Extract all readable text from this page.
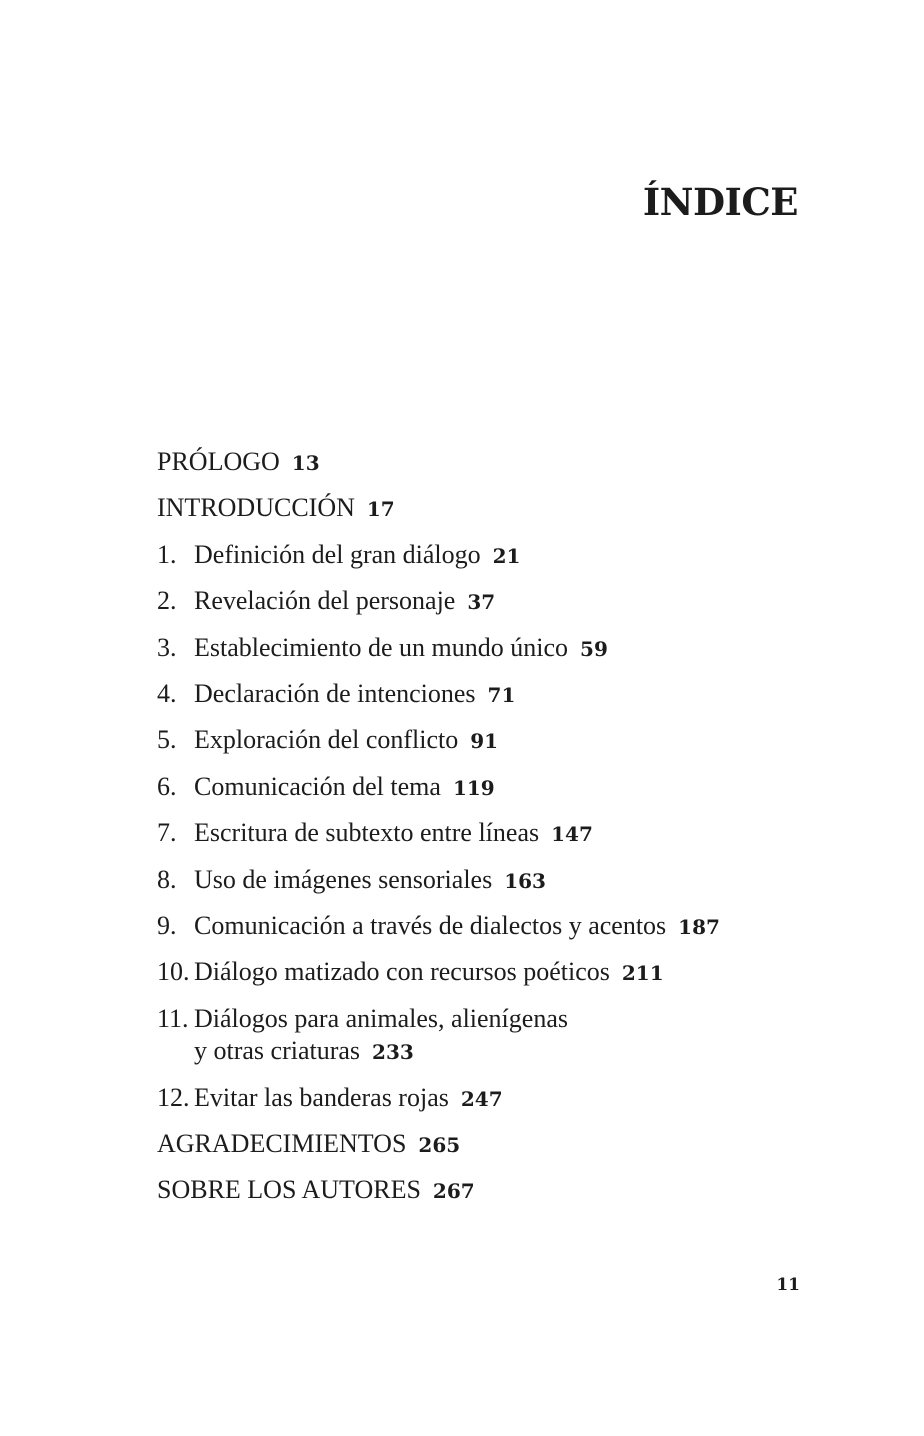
ÍNDICE
PRÓLOGO 13
INTRODUCCIÓN 17
1. Definición del gran diálogo 21
2. Revelación del personaje 37
3. Establecimiento de un mundo único 59
4. Declaración de intenciones 71
5. Exploración del conflicto 91
6. Comunicación del tema 119
7. Escritura de subtexto entre líneas 147
8. Uso de imágenes sensoriales 163
9. Comunicación a través de dialectos y acentos 187
10. Diálogo matizado con recursos poéticos 211
11. Diálogos para animales, alienígenas
y otras criaturas 233
12. Evitar las banderas rojas 247
AGRADECIMIENTOS 265
SOBRE LOS AUTORES 267

11
